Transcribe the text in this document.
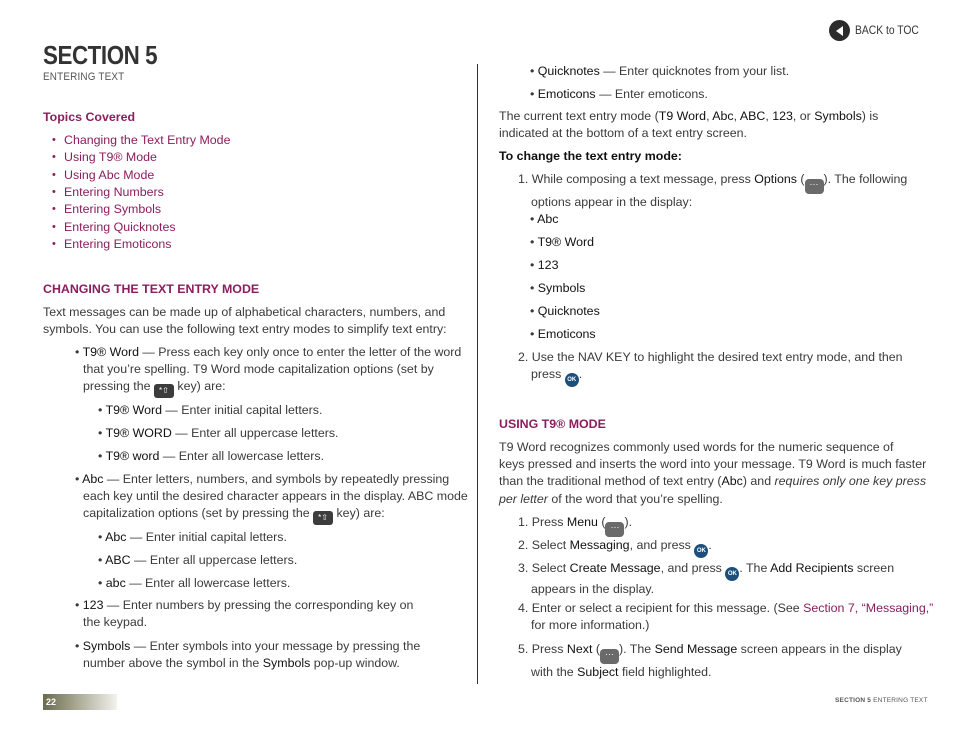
SECTION 5
ENTERING TEXT
BACK to TOC
Topics Covered
• Changing the Text Entry Mode
• Using T9® Mode
• Using Abc Mode
• Entering Numbers
• Entering Symbols
• Entering Quicknotes
• Entering Emoticons
CHANGING THE TEXT ENTRY MODE
Text messages can be made up of alphabetical characters, numbers, and
symbols. You can use the following text entry modes to simplify text entry:
• T9® Word — Press each key only once to enter the letter of the word
that you’re spelling. T9 Word mode capitalization options (set by
pressing the *⇧ key) are:
• T9® Word — Enter initial capital letters.
• T9® WORD — Enter all uppercase letters.
• T9® word — Enter all lowercase letters.
• Abc — Enter letters, numbers, and symbols by repeatedly pressing
each key until the desired character appears in the display. ABC mode
capitalization options (set by pressing the *⇧ key) are:
• Abc — Enter initial capital letters.
• ABC — Enter all uppercase letters.
• abc — Enter all lowercase letters.
• 123 — Enter numbers by pressing the corresponding key on
the keypad.
• Symbols — Enter symbols into your message by pressing the
number above the symbol in the Symbols pop-up window.
• Quicknotes — Enter quicknotes from your list.
• Emoticons — Enter emoticons.
The current text entry mode (T9 Word, Abc, ABC, 123, or Symbols) is
indicated at the bottom of a text entry screen.
To change the text entry mode:
1. While composing a text message, press Options ( ··· ). The following
options appear in the display:
• Abc
• T9® Word
• 123
• Symbols
• Quicknotes
• Emoticons
2. Use the NAV KEY to highlight the desired text entry mode, and then
press OK .
USING T9® MODE
T9 Word recognizes commonly used words for the numeric sequence of
keys pressed and inserts the word into your message. T9 Word is much faster
than the traditional method of text entry (Abc) and requires only one key press
per letter of the word that you’re spelling.
1. Press Menu ( ··· ).
2. Select Messaging, and press OK .
3. Select Create Message, and press OK . The Add Recipients screen
appears in the display.
4. Enter or select a recipient for this message. (See Section 7, “Messaging,”
for more information.)
5. Press Next ( ··· ). The Send Message screen appears in the display
with the Subject field highlighted.
22	SECTION 5 ENTERING TEXT
